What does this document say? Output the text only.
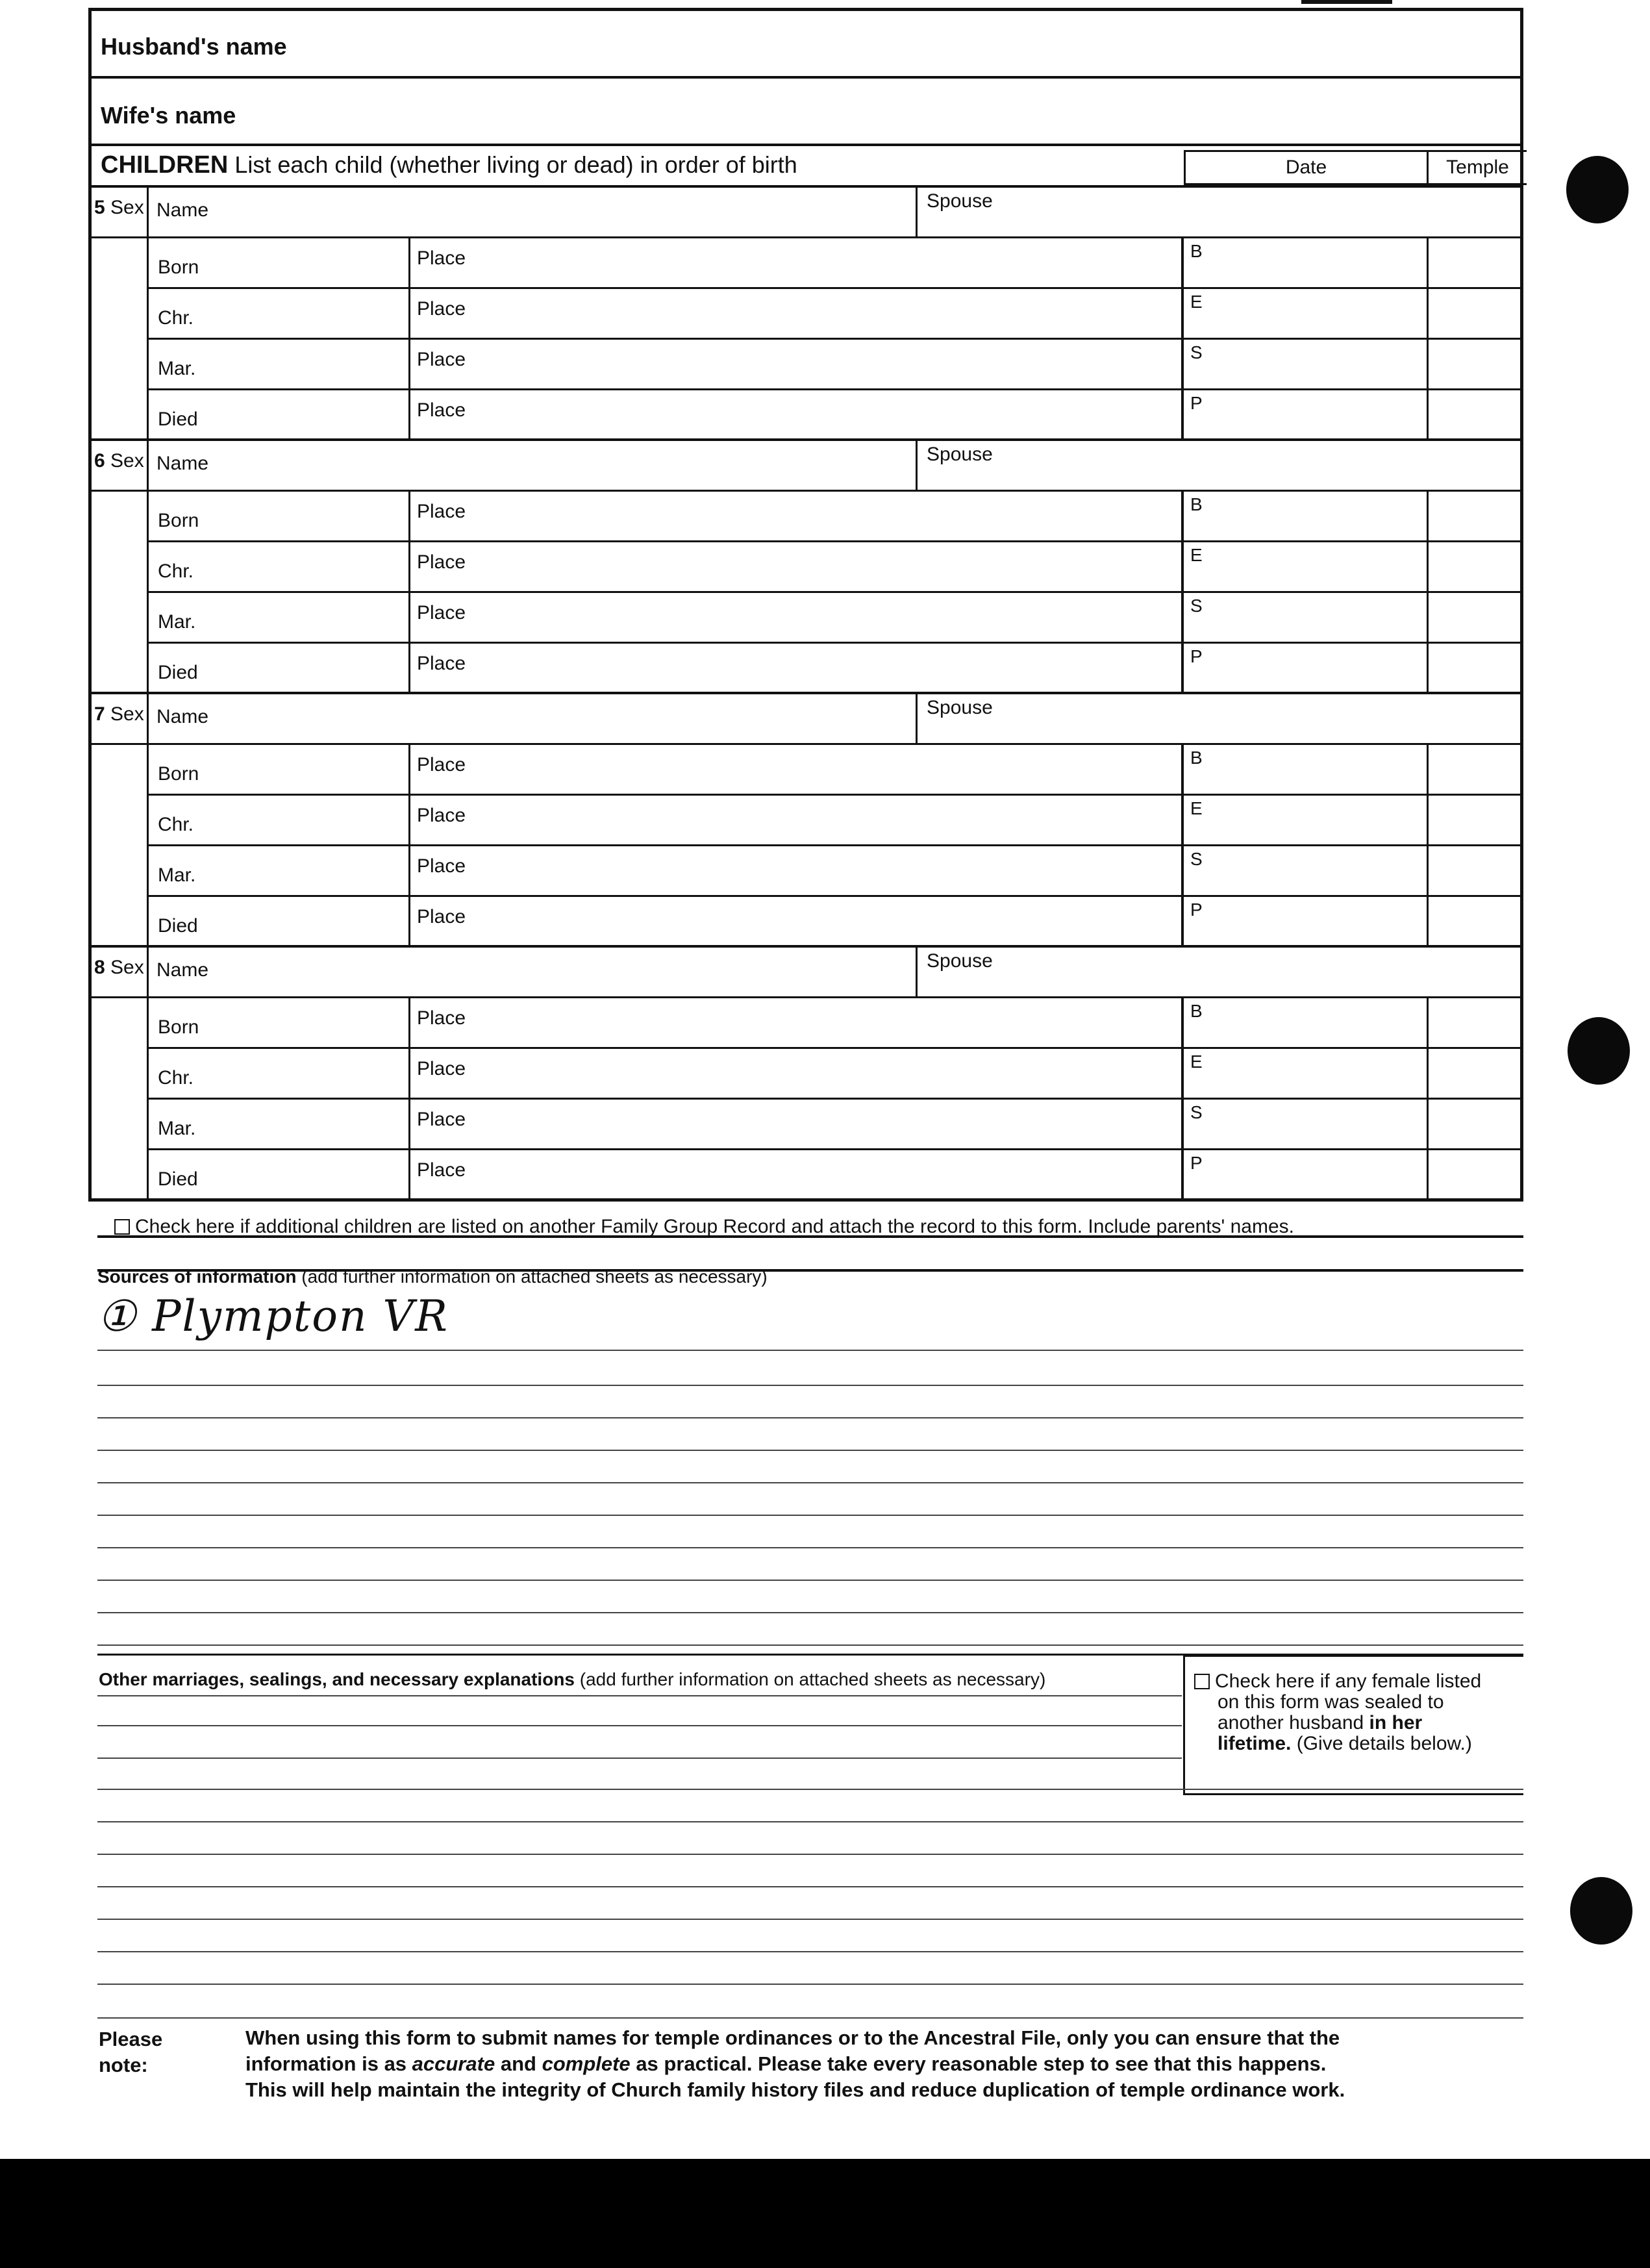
Husband's name
Wife's name
CHILDREN List each child (whether living or dead) in order of birth	Date	Temple
5 Sex Name	Spouse
Born	Place	B
Chr.	Place	E
Mar.	Place	S
Died	Place	P
6 Sex Name	Spouse
Born	Place	B
Chr.	Place	E
Mar.	Place	S
Died	Place	P
7 Sex Name	Spouse
Born	Place	B
Chr.	Place	E
Mar.	Place	S
Died	Place	P
8 Sex Name	Spouse
Born	Place	B
Chr.	Place	E
Mar.	Place	S
Died	Place	P
Check here if additional children are listed on another Family Group Record and attach the record to this form. Include parents' names.
Sources of information (add further information on attached sheets as necessary)
① Plympton VR
Other marriages, sealings, and necessary explanations (add further information on attached sheets as necessary)	Check here if any female listed
on this form was sealed to
another husband in her
lifetime. (Give details below.)
Please note:
When using this form to submit names for temple ordinances or to the Ancestral File, only you can ensure that the
information is as accurate and complete as practical. Please take every reasonable step to see that this happens.
This will help maintain the integrity of Church family history files and reduce duplication of temple ordinance work.
